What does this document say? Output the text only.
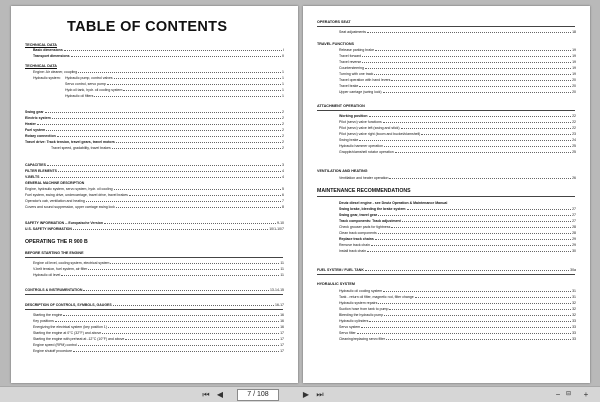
TABLE OF CONTENTS
TECHNICAL DATA
Basic dimensions	I
Transport dimensions	II
TECHNICAL DATA
Engine: Air cleaner, coupling	1
Hydraulic system: Hydraulic pump, control valves	1
Servo control, servo pump	1
Hydr.oil tank, hydr. oil cooling system	1
Hydraulic oil filters	1
Swing gear	2
Electric system	2
Heater	2
Fuel system	2
Rotary connection	2
Travel drive: Track tension, travel gears, travel motors	2
Travel speed, gradability, travel brakes	2
CAPACITIES	3
FILTER ELEMENTS	4
V-BELTS	4
GENERAL MACHINE DESCRIPTION
Engine, hydraulic system, servo system, hydr. oil cooling	5
Fuel system, swing drive, undercarriage, travel drive, travel brakes	6
Operator's cab, ventilation and heating	7
Covers and sound suppression, upper carriage swing lock	8
SAFETY INFORMATION -- Europaische Version	9-10
U.S. SAFETY INFORMATION	10/1-10/7
OPERATING THE R 900 B
BEFORE STARTING THE ENGINE
Engine oil level, cooling system, electrical system	11
V-belt tension, fuel system, air filter	11
Hydraulic oil level	11
CONTROLS & INSTRUMENTATION	13-14-15
DESCRIPTION OF CONTROLS, SYMBOLS, GAUGES	16-17
Starting the engine	16
Key positions	16
Energizing the electrical system (key position 1)	16
Starting the engine at 0°C (32°F) and above	17
Starting the engine with preheat at -12°C (10°F) and above	17
Engine speed (RPM) control	17
Engine shutoff procedure	17
OPERATORS SEAT
Seat adjustments	18
TRAVEL FUNCTIONS
Release parking brake	19
Travel forward	19
Travel reverse	19
Countersteering	19
Turning with one track	19
Travel operation with hand levers	20
Travel brake	20
Upper carriage (swing lock)	20
ATTACHMENT OPERATION
Working position	22
Pilot (servo) valve functions	22
Pilot (servo) valve left (swing and stick)	22
Pilot (servo) valve right (boom and bucket/clamshell)	23
Swing brake	24
Hydraulic hammer operation	25
Grapple/clamshell rotator operation	25
VENTILATION AND HEATING
Ventilation and heater operation	26
MAINTENANCE RECOMMENDATIONS
Deutz diesel engine - see Deutz Operation & Maintenance Manual
Swing brake, bleeding the brake system	27
Swing gear, travel gear	27
Track components: Track adjustment	27
Check grouser pads for tightness	28
Clean track components	28
Replace track chains	29
Remove track chain	29
Install track chain	30
FUEL SYSTEM / FUEL TANK	30a
HYDRAULIC SYSTEM
Hydraulic oil cooling system	31
Tank - return oil filter, magnetic rod, filter change	31
Hydraulic system repairs	32
Suction hose from tank to pump	32
Bleeding the hydraulic pump	32
Hydraulic cylinders	33
Servo system	33
Servo filter	33
Cleaning/replacing servo filter	33
⏮ ◀	7 / 108	▶ ⏭	− ⊟	+
